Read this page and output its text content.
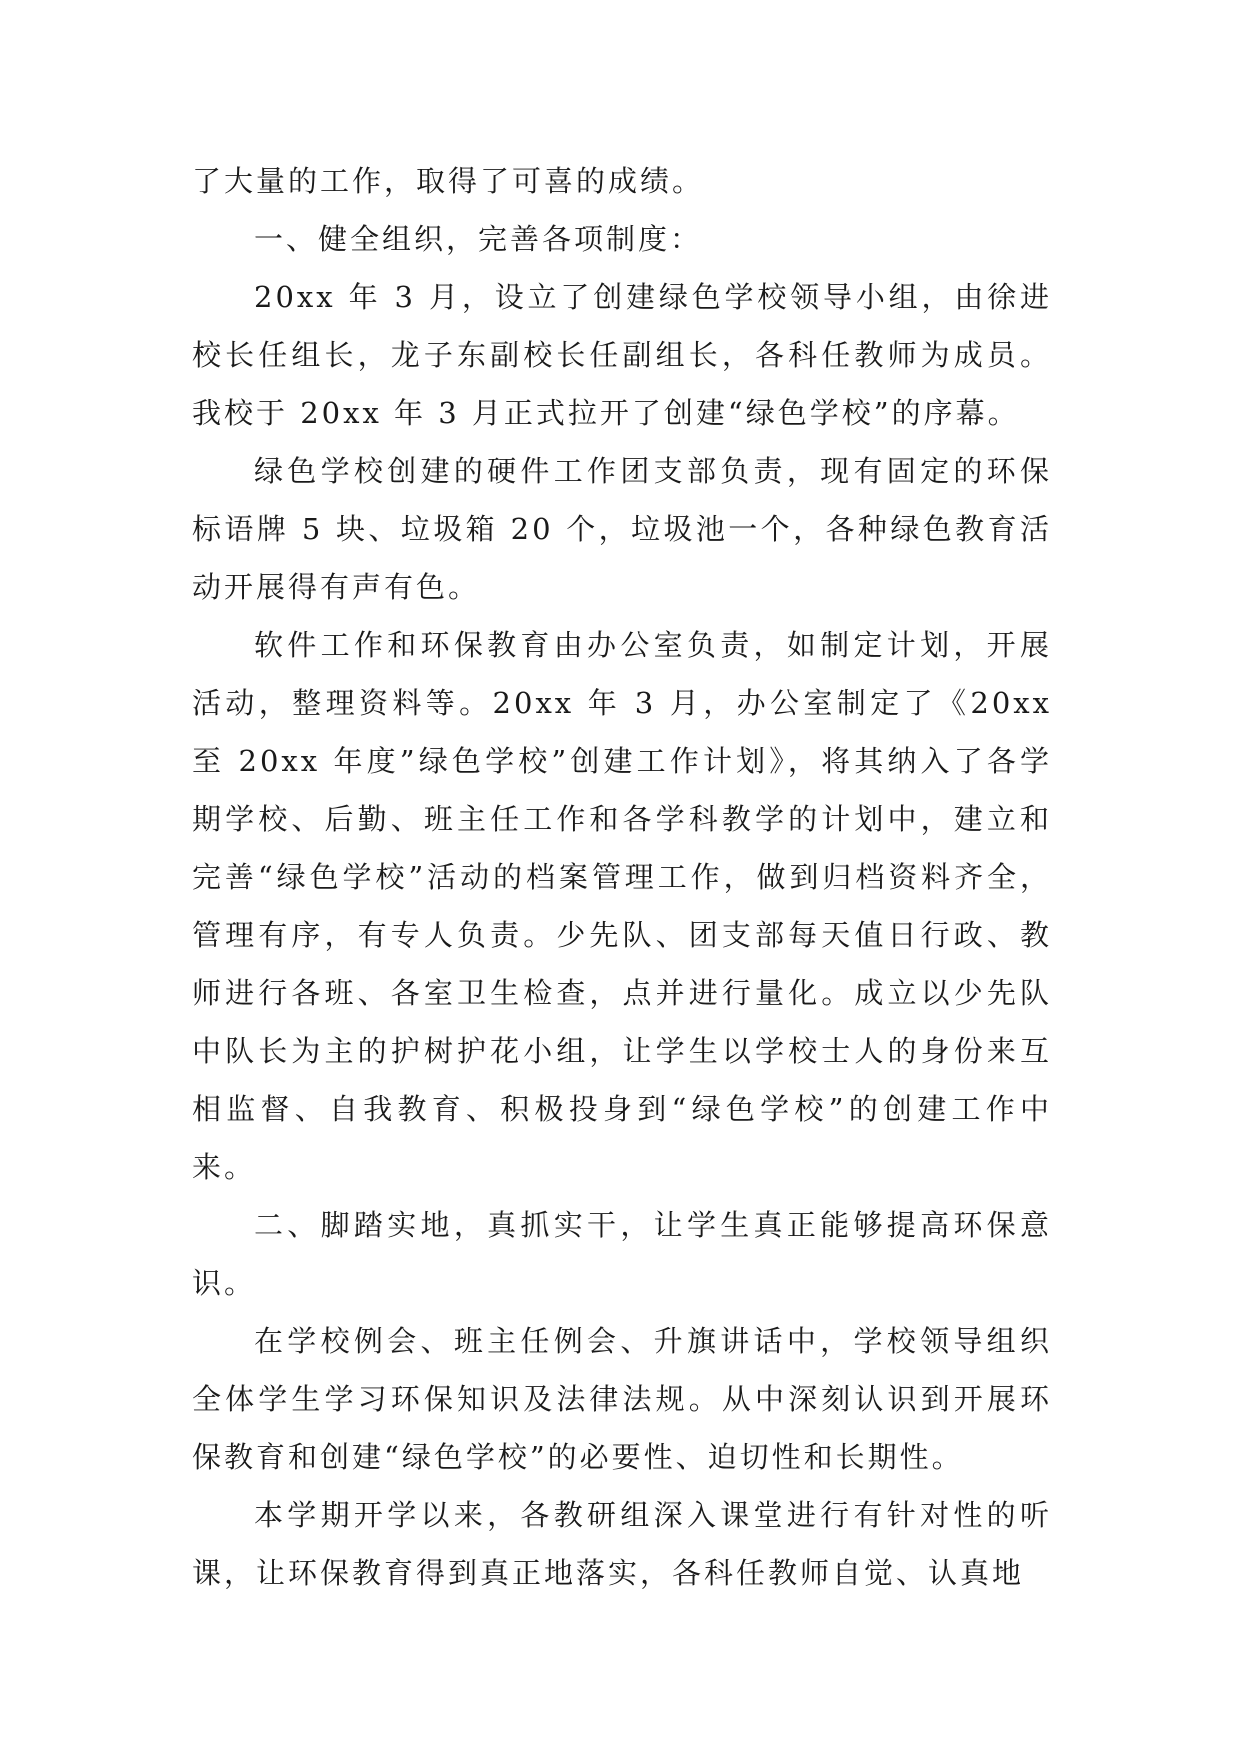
了大量的工作，取得了可喜的成绩。

一、健全组织，完善各项制度：

20xx 年 3 月，设立了创建绿色学校领导小组，由徐进校长任组长，龙子东副校长任副组长，各科任教师为成员。我校于 20xx 年 3 月正式拉开了创建“绿色学校”的序幕。

绿色学校创建的硬件工作团支部负责，现有固定的环保标语牌 5 块、垃圾箱 20 个，垃圾池一个，各种绿色教育活动开展得有声有色。

软件工作和环保教育由办公室负责，如制定计划，开展活动，整理资料等。20xx 年 3 月，办公室制定了《20xx 至 20xx 年度”绿色学校”创建工作计划》，将其纳入了各学期学校、后勤、班主任工作和各学科教学的计划中，建立和完善“绿色学校”活动的档案管理工作，做到归档资料齐全，管理有序，有专人负责。少先队、团支部每天值日行政、教师进行各班、各室卫生检查，点并进行量化。成立以少先队中队长为主的护树护花小组，让学生以学校士人的身份来互相监督、自我教育、积极投身到“绿色学校”的创建工作中来。

二、脚踏实地，真抓实干，让学生真正能够提高环保意识。

在学校例会、班主任例会、升旗讲话中，学校领导组织全体学生学习环保知识及法律法规。从中深刻认识到开展环保教育和创建“绿色学校”的必要性、迫切性和长期性。

本学期开学以来，各教研组深入课堂进行有针对性的听课，让环保教育得到真正地落实，各科任教师自觉、认真地
